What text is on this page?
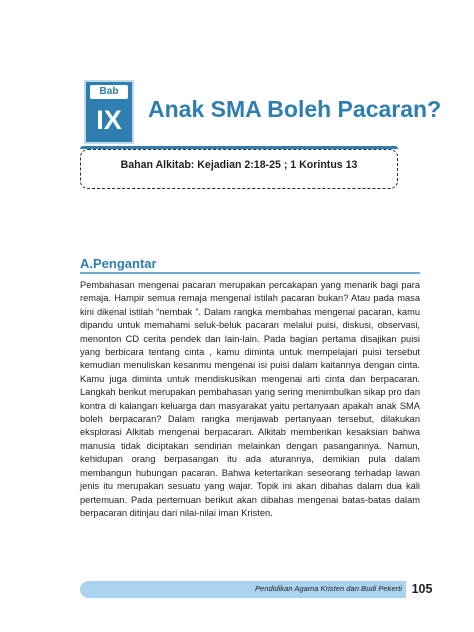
Bab
IX	Anak SMA Boleh Pacaran?
Bahan Alkitab: Kejadian 2:18-25 ; 1 Korintus 13
A.Pengantar

Pembahasan mengenai pacaran merupakan percakapan yang menarik bagi para remaja. Hampir semua remaja mengenal istilah pacaran bukan? Atau pada masa kini dikenal istilah “nembak ”. Dalam rangka membahas mengenai pacaran, kamu dipandu untuk memahami seluk-beluk pacaran melalui puisi, diskusi, observasi, menonton CD cerita pendek dan lain-lain. Pada bagian pertama disajikan puisi yang berbicara tentang cinta , kamu diminta untuk mempelajari puisi tersebut kemudian menuliskan kesanmu mengenai isi puisi dalam kaitannya dengan cinta. Kamu juga diminta untuk mendiskusikan mengenai arti cinta dan berpacaran. Langkah berikut merupakan pembahasan yang sering menimbulkan sikap pro dan kontra di kalangan keluarga dan masyarakat yaitu pertanyaan apakah anak SMA boleh berpacaran? Dalam rangka menjawab pertanyaan tersebut, dilakukan eksplorasi Alkitab mengenai berpacaran. Alkitab memberikan kesaksian bahwa manusia tidak diciptakan sendirian melainkan dengan pasangannya. Namun, kehidupan orang berpasangan itu ada aturannya, demikian pula dalam membangun hubungan pacaran. Bahwa ketertarikan seseorang terhadap lawan jenis itu merupakan sesuatu yang wajar. Topik ini akan dibahas dalam dua kali pertemuan. Pada pertemuan berikut akan dibahas mengenai batas-batas dalam berpacaran ditinjau dari nilai-nilai iman Kristen.

Pendidikan Agama Kristen dan Budi Pekerti 105
